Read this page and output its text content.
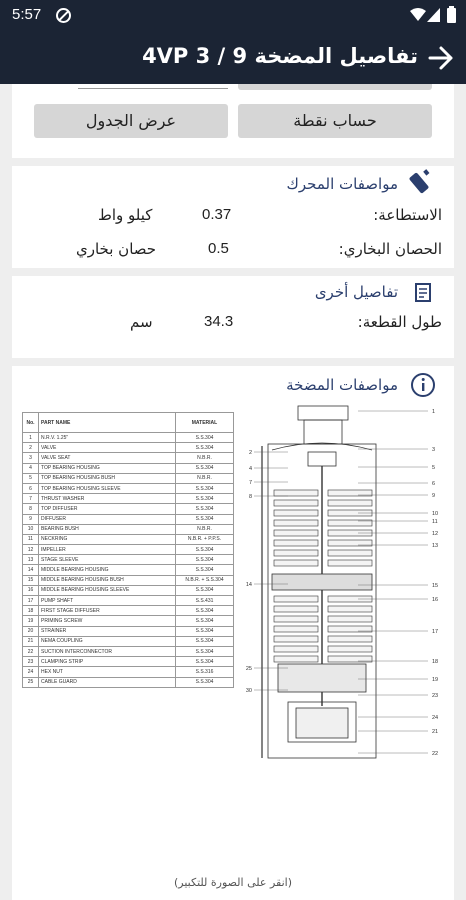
5:57
تفاصيل المضخة 4VP 3 / 9
حساب نقطة
عرض الجدول
مواصفات المحرك
الاستطاعة:
0.37
كيلو واط
الحصان البخاري:
0.5
حصان بخاري
تفاصيل أخرى
طول القطعة:
34.3
سم
مواصفات المضخة
No.	PART NAME	MATERIAL
1	N.R.V. 1.25"	S.S.304
2	VALVE	S.S.304
3	VALVE SEAT	N.B.R.
4	TOP BEARING HOUSING	S.S.304
5	TOP BEARING HOUSING BUSH	N.B.R.
6	TOP BEARING HOUSING SLEEVE	S.S.304
7	THRUST WASHER	S.S.304
8	TOP DIFFUSER	S.S.304
9	DIFFUSER	S.S.304
10	BEARING BUSH	N.B.R.
11	NECKRING	N.B.R. + P.P.S.
12	IMPELLER	S.S.304
13	STAGE SLEEVE	S.S.304
14	MIDDLE BEARING HOUSING	S.S.304
15	MIDDLE BEARING HOUSING BUSH	N.B.R. + S.S.304
16	MIDDLE BEARING HOUSING SLEEVE	S.S.304
17	PUMP SHAFT	S.S.431
18	FIRST STAGE DIFFUSER	S.S.304
19	PRIMING SCREW	S.S.304
20	STRAINER	S.S.304
21	NEMA COUPLING	S.S.304
22	SUCTION INTERCONNECTOR	S.S.304
23	CLAMPING STRIP	S.S.304
24	HEX NUT	S.S.316
25	CABLE GUARD	S.S.304
1
3
5
6
9
10
11
12
13
15
16
17
18
19
23
24
21
22
2
4
7
8
14
25
30
(انقر على الصورة للتكبير)
